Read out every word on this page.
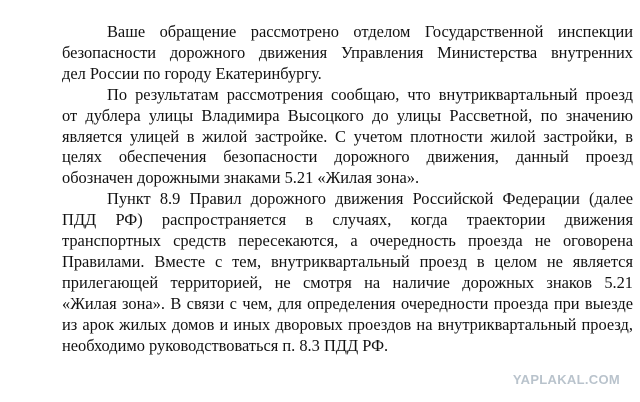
Ваше обращение рассмотрено отделом Государственной инспекции
безопасности дорожного движения Управления Министерства внутренних
дел России по городу Екатеринбургу.
По результатам рассмотрения сообщаю, что внутриквартальный проезд
от дублера улицы Владимира Высоцкого до улицы Рассветной, по значению
является улицей в жилой застройке. С учетом плотности жилой застройки, в
целях обеспечения безопасности дорожного движения, данный проезд
обозначен дорожными знаками 5.21 «Жилая зона».
Пункт 8.9 Правил дорожного движения Российской Федерации (далее
ПДД РФ) распространяется в случаях, когда траектории движения
транспортных средств пересекаются, а очередность проезда не оговорена
Правилами. Вместе с тем, внутриквартальный проезд в целом не является
прилегающей территорией, не смотря на наличие дорожных знаков 5.21
«Жилая зона». В связи с чем, для определения очередности проезда при выезде
из арок жилых домов и иных дворовых проездов на внутриквартальный проезд,
необходимо руководствоваться п. 8.3 ПДД РФ.
YAPLAKAL.COM
